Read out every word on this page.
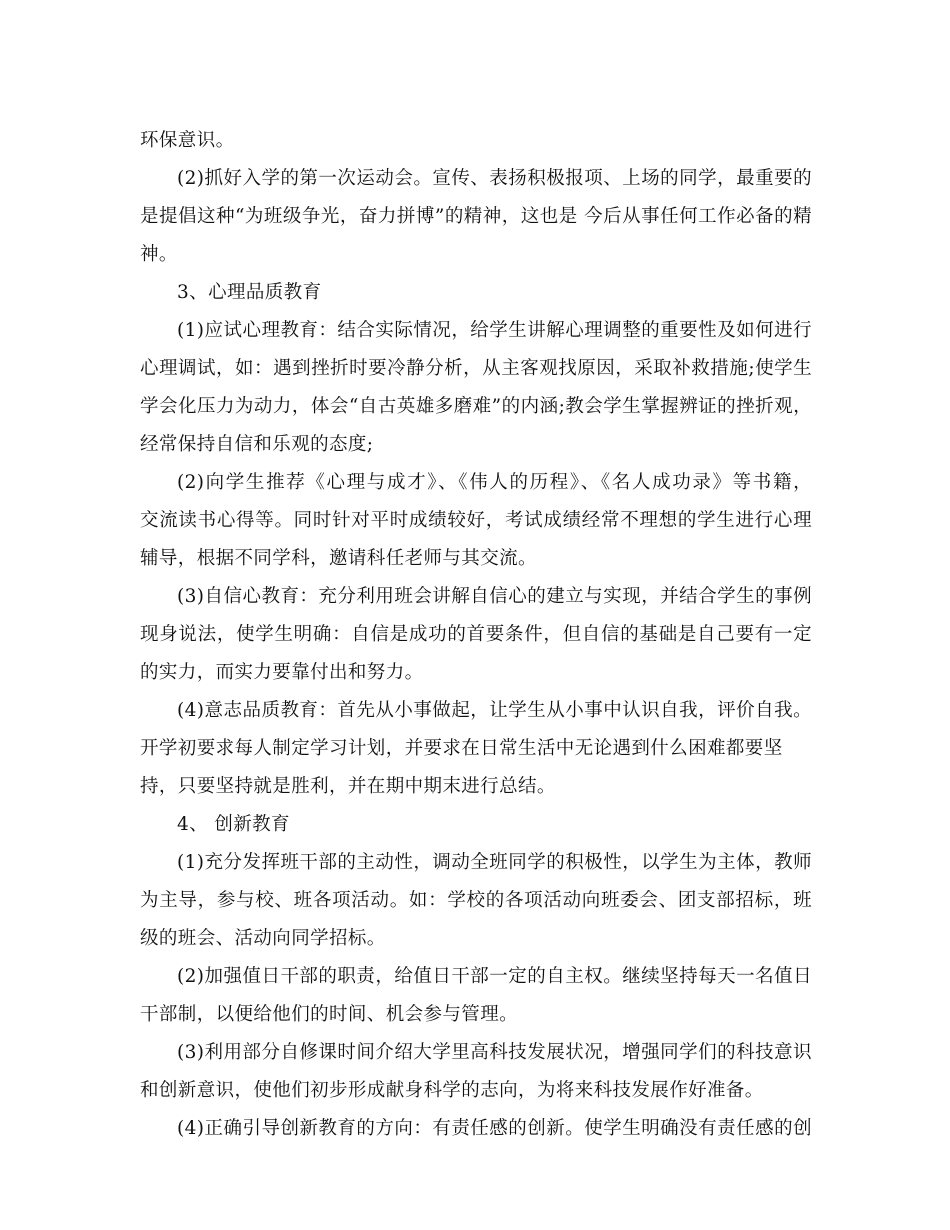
环保意识。
(2)抓好入学的第一次运动会。宣传、表扬积极报项、上场的同学，最重要的
是提倡这种“为班级争光，奋力拼博”的精神，这也是 今后从事任何工作必备的精
神。
3、心理品质教育
(1)应试心理教育：结合实际情况，给学生讲解心理调整的重要性及如何进行
心理调试，如：遇到挫折时要冷静分析，从主客观找原因，采取补救措施;使学生
学会化压力为动力，体会“自古英雄多磨难”的内涵;教会学生掌握辨证的挫折观，
经常保持自信和乐观的态度;
(2)向学生推荐《心理与成才》、《伟人的历程》、《名人成功录》等书籍，
交流读书心得等。同时针对平时成绩较好，考试成绩经常不理想的学生进行心理
辅导，根据不同学科，邀请科任老师与其交流。
(3)自信心教育：充分利用班会讲解自信心的建立与实现，并结合学生的事例
现身说法，使学生明确：自信是成功的首要条件，但自信的基础是自己要有一定
的实力，而实力要靠付出和努力。
(4)意志品质教育：首先从小事做起，让学生从小事中认识自我，评价自我。
开学初要求每人制定学习计划，并要求在日常生活中无论遇到什么困难都要坚
持，只要坚持就是胜利，并在期中期末进行总结。
4、 创新教育
(1)充分发挥班干部的主动性，调动全班同学的积极性，以学生为主体，教师
为主导，参与校、班各项活动。如：学校的各项活动向班委会、团支部招标，班
级的班会、活动向同学招标。
(2)加强值日干部的职责，给值日干部一定的自主权。继续坚持每天一名值日
干部制，以便给他们的时间、机会参与管理。
(3)利用部分自修课时间介绍大学里高科技发展状况，增强同学们的科技意识
和创新意识，使他们初步形成献身科学的志向，为将来科技发展作好准备。
(4)正确引导创新教育的方向：有责任感的创新。使学生明确没有责任感的创
